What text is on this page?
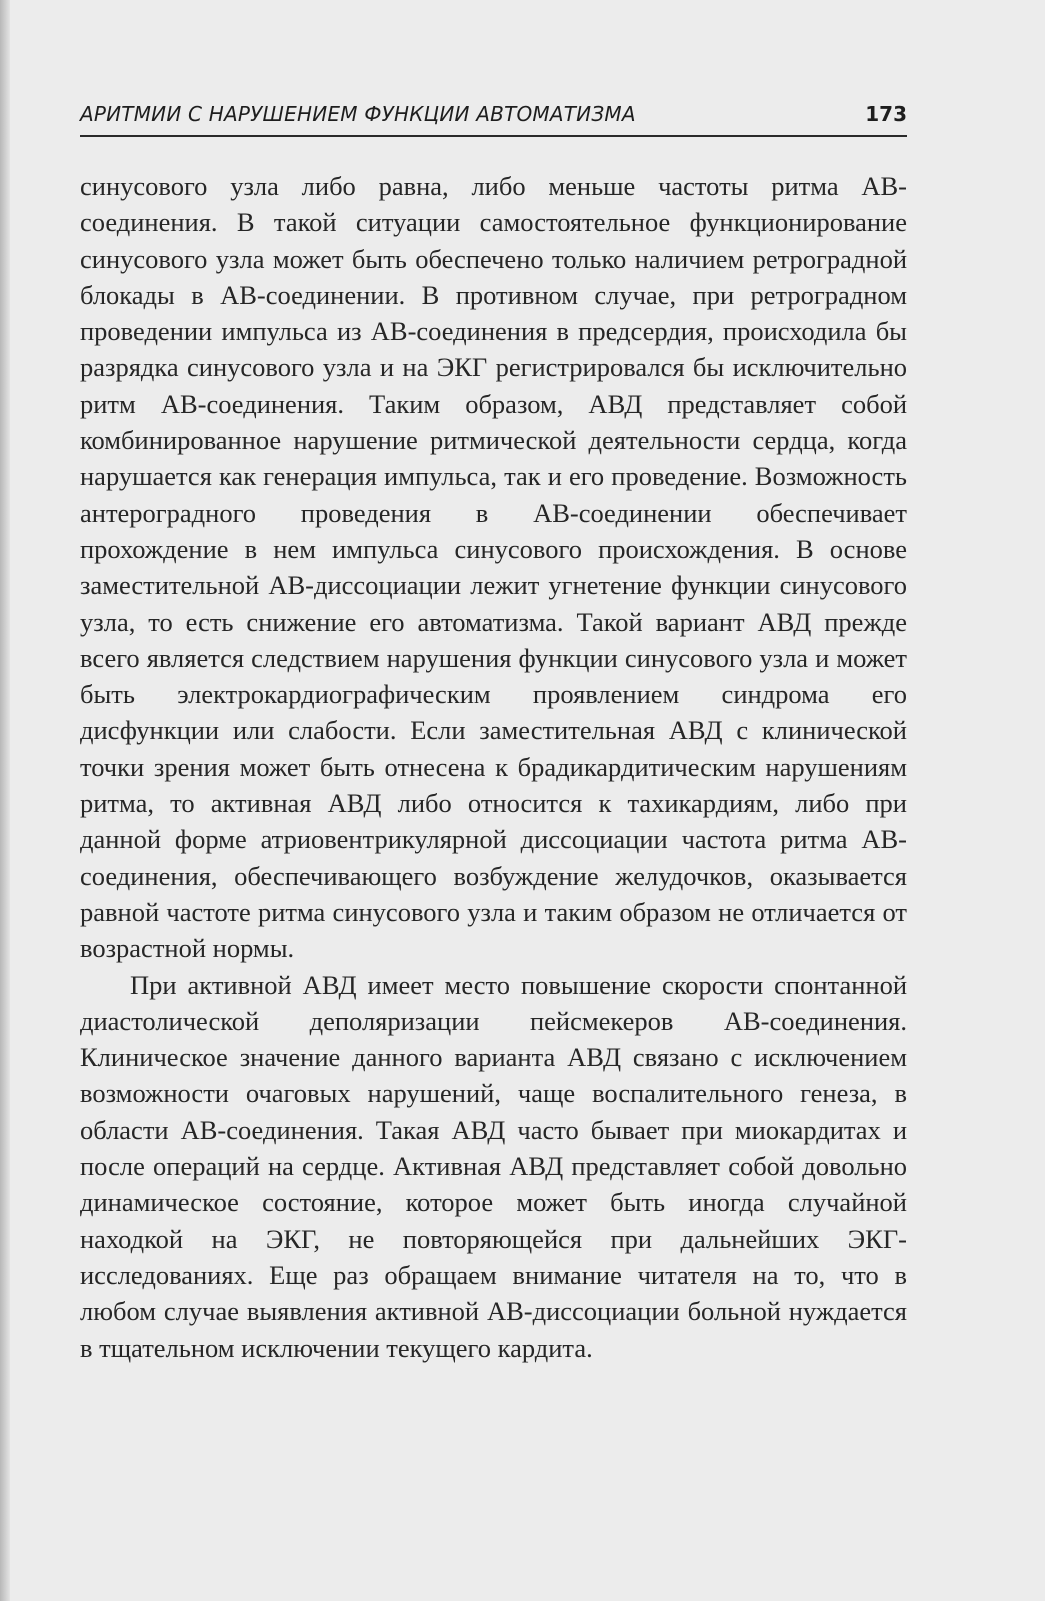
АРИТМИИ С НАРУШЕНИЕМ ФУНКЦИИ АВТОМАТИЗМА	173

синусового узла либо равна, либо меньше частоты ритма АВ-соединения. В такой ситуации самостоятельное функционирование синусового узла может быть обеспечено только наличием ретроградной блокады в АВ-соединении. В противном случае, при ретроградном проведении импульса из АВ-соединения в предсердия, происходила бы разрядка синусового узла и на ЭКГ регистрировался бы исключительно ритм АВ-соединения. Таким образом, АВД представляет собой комбинированное нарушение ритмической деятельности сердца, когда нарушается как генерация импульса, так и его проведение. Возможность антероградного проведения в АВ-соединении обеспечивает прохождение в нем импульса синусового происхождения. В основе заместительной АВ-диссоциации лежит угнетение функции синусового узла, то есть снижение его автоматизма. Такой вариант АВД прежде всего является следствием нарушения функции синусового узла и может быть электрокардиографическим проявлением синдрома его дисфункции или слабости. Если заместительная АВД с клинической точки зрения может быть отнесена к брадикардитическим нарушениям ритма, то активная АВД либо относится к тахикардиям, либо при данной форме атриовентрикулярной диссоциации частота ритма АВ-соединения, обеспечивающего возбуждение желудочков, оказывается равной частоте ритма синусового узла и таким образом не отличается от возрастной нормы.

При активной АВД имеет место повышение скорости спонтанной диастолической деполяризации пейсмекеров АВ-соединения. Клиническое значение данного варианта АВД связано с исключением возможности очаговых нарушений, чаще воспалительного генеза, в области АВ-соединения. Такая АВД часто бывает при миокардитах и после операций на сердце. Активная АВД представляет собой довольно динамическое состояние, которое может быть иногда случайной находкой на ЭКГ, не повторяющейся при дальнейших ЭКГ-исследованиях. Еще раз обращаем внимание читателя на то, что в любом случае выявления активной АВ-диссоциации больной нуждается в тщательном исключении текущего кардита.
